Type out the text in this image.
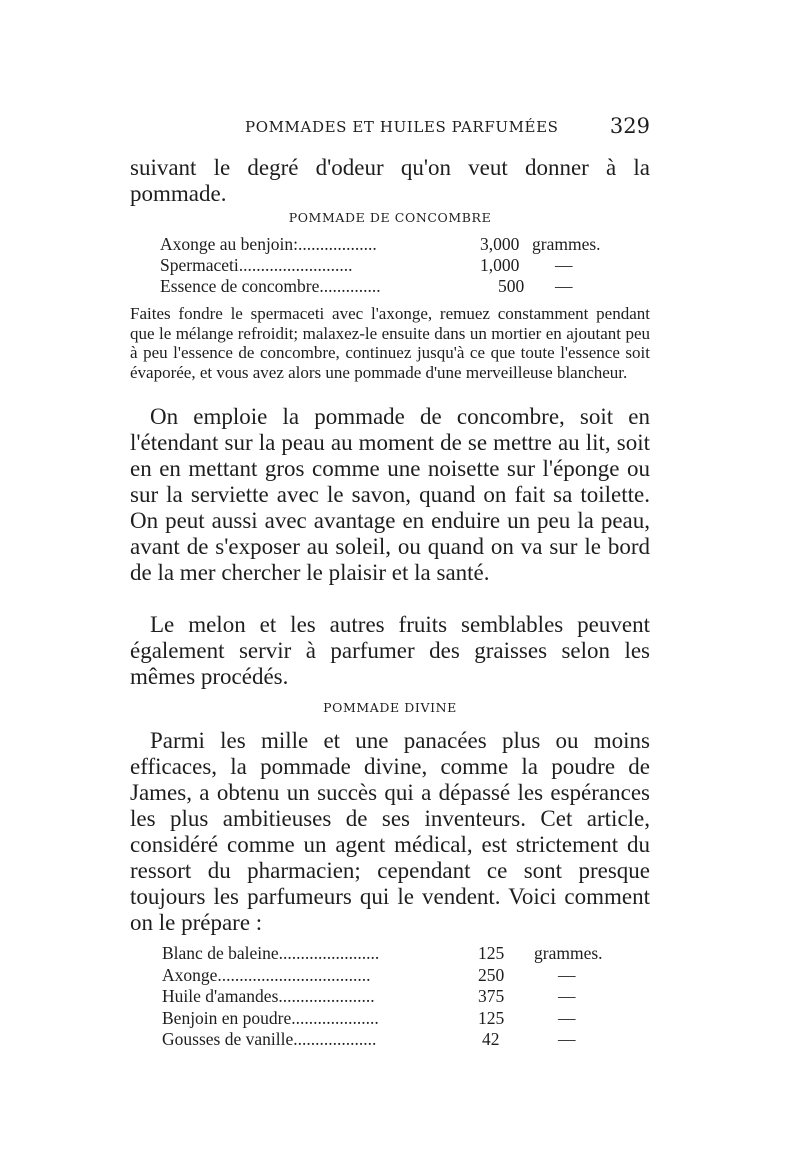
POMMADES ET HUILES PARFUMÉES 329

suivant le degré d'odeur qu'on veut donner à la pommade.

POMMADE DE CONCOMBRE
Axonge au benjoin:..................	3,000 grammes.
Spermaceti..........................	1,000 —
Essence de concombre..............	500 —

Faites fondre le spermaceti avec l'axonge, remuez constamment pendant que le mélange refroidit; malaxez-le ensuite dans un mortier en ajoutant peu à peu l'essence de concombre, continuez jusqu'à ce que toute l'essence soit évaporée, et vous avez alors une pommade d'une merveilleuse blancheur.

On emploie la pommade de concombre, soit en l'étendant sur la peau au moment de se mettre au lit, soit en en mettant gros comme une noisette sur l'éponge ou sur la serviette avec le savon, quand on fait sa toilette. On peut aussi avec avantage en enduire un peu la peau, avant de s'exposer au soleil, ou quand on va sur le bord de la mer chercher le plaisir et la santé.

Le melon et les autres fruits semblables peuvent également servir à parfumer des graisses selon les mêmes procédés.

POMMADE DIVINE

Parmi les mille et une panacées plus ou moins efficaces, la pommade divine, comme la poudre de James, a obtenu un succès qui a dépassé les espérances les plus ambitieuses de ses inventeurs. Cet article, considéré comme un agent médical, est strictement du ressort du pharmacien; cependant ce sont presque toujours les parfumeurs qui le vendent. Voici comment on le prépare :

Blanc de baleine.......................	125 grammes.
Axonge...................................	250	—
Huile d'amandes......................	375	—
Benjoin en poudre....................	125	—
Gousses de vanille...................	42	—
